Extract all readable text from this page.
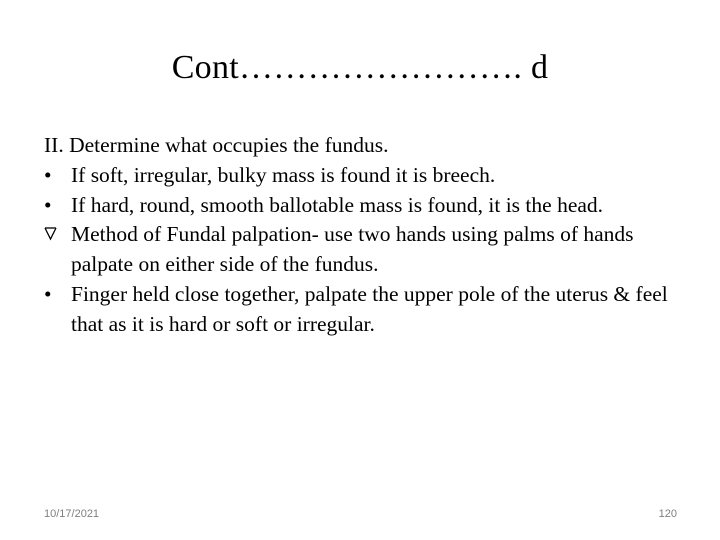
Cont……………………. d

II. Determine what occupies the fundus.

• If soft, irregular, bulky mass is found it is breech.

• If hard, round, smooth ballotable mass is found, it is the head.

Method of Fundal palpation- use two hands using palms of hands palpate on either side of the fundus.

• Finger held close together, palpate the upper pole of the uterus & feel that as it is hard or soft or irregular.

10/17/2021	120
